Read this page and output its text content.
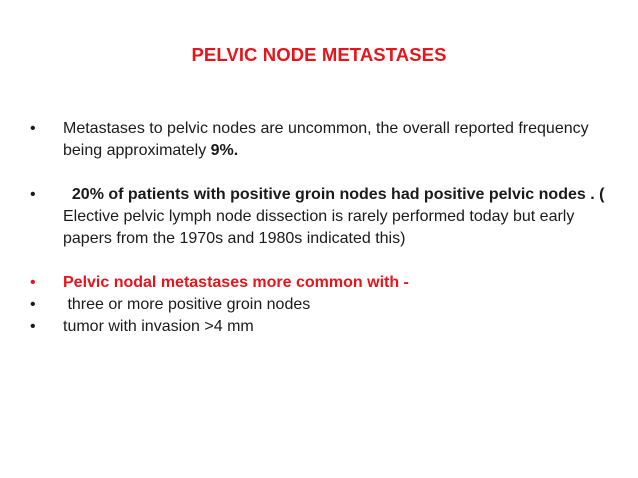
PELVIC NODE METASTASES
•	Metastases to pelvic nodes are uncommon, the overall reported frequency being approximately 9%.
•	20% of patients with positive groin nodes had positive pelvic nodes . ( Elective pelvic lymph node dissection is rarely performed today but early papers from the 1970s and 1980s indicated this)
•	Pelvic nodal metastases more common with -
•	three or more positive groin nodes
•	tumor with invasion >4 mm
